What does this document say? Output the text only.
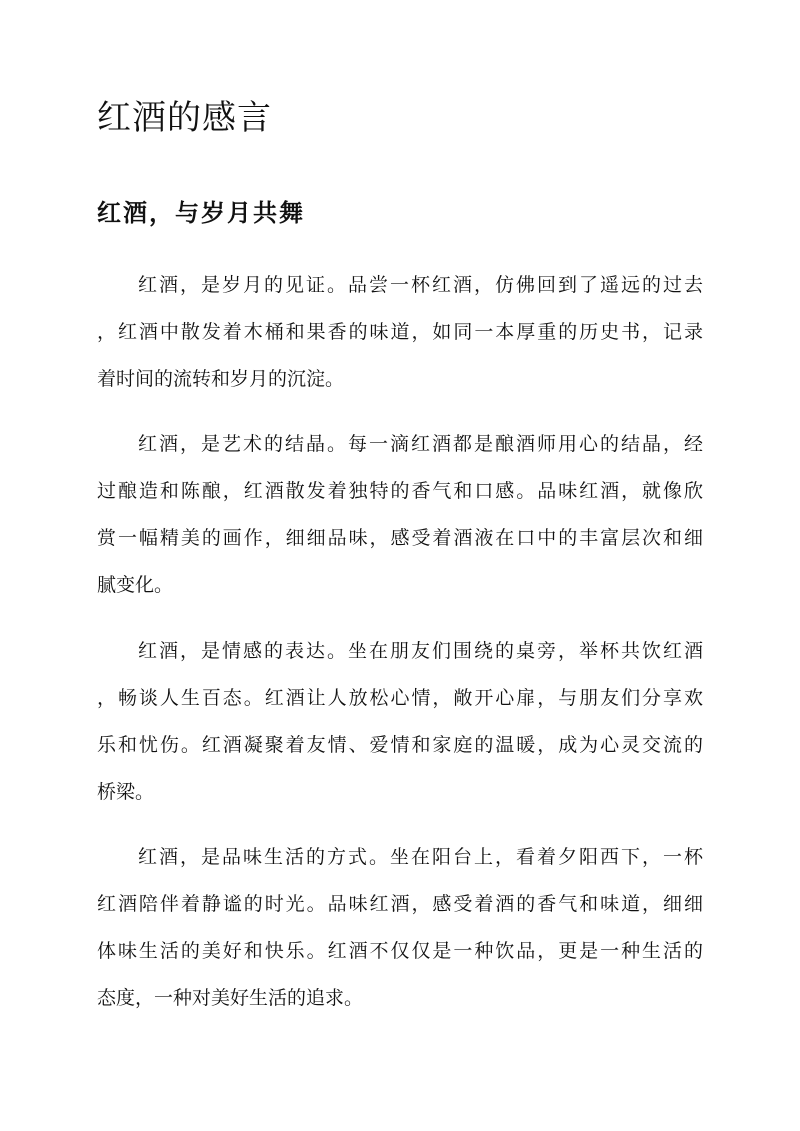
红酒的感言
红酒，与岁月共舞
红酒，是岁月的见证。品尝一杯红酒，仿佛回到了遥远的过去
，红酒中散发着木桶和果香的味道，如同一本厚重的历史书，记录
着时间的流转和岁月的沉淀。
红酒，是艺术的结晶。每一滴红酒都是酿酒师用心的结晶，经
过酿造和陈酿，红酒散发着独特的香气和口感。品味红酒，就像欣
赏一幅精美的画作，细细品味，感受着酒液在口中的丰富层次和细
腻变化。
红酒，是情感的表达。坐在朋友们围绕的桌旁，举杯共饮红酒
，畅谈人生百态。红酒让人放松心情，敞开心扉，与朋友们分享欢
乐和忧伤。红酒凝聚着友情、爱情和家庭的温暖，成为心灵交流的
桥梁。
红酒，是品味生活的方式。坐在阳台上，看着夕阳西下，一杯
红酒陪伴着静谧的时光。品味红酒，感受着酒的香气和味道，细细
体味生活的美好和快乐。红酒不仅仅是一种饮品，更是一种生活的
态度，一种对美好生活的追求。
